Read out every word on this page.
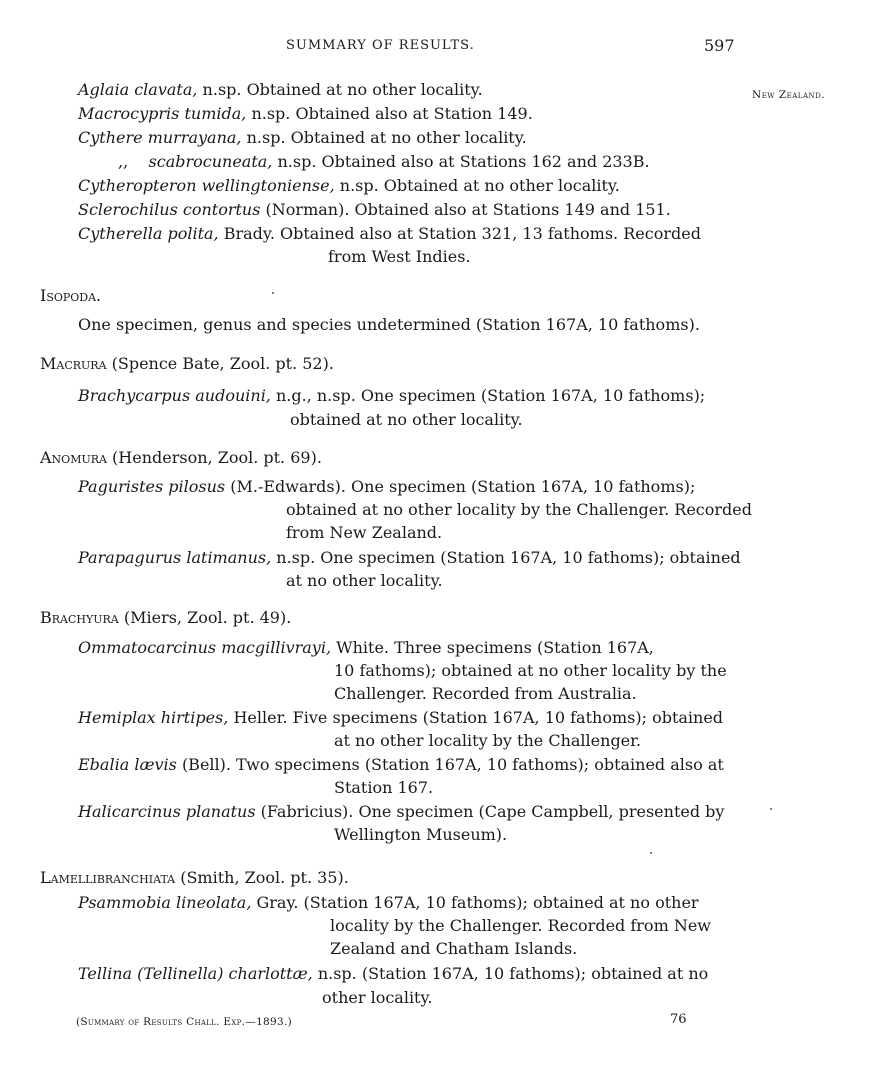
SUMMARY OF RESULTS.	597
New Zealand.
Aglaia clavata, n.sp. Obtained at no other locality.
Macrocypris tumida, n.sp. Obtained also at Station 149.
Cythere murrayana, n.sp. Obtained at no other locality.
,, scabrocuneata, n.sp. Obtained also at Stations 162 and 233B.
Cytheropteron wellingtoniense, n.sp. Obtained at no other locality.
Sclerochilus contortus (Norman). Obtained also at Stations 149 and 151.
Cytherella polita, Brady. Obtained also at Station 321, 13 fathoms. Recorded
from West Indies.
Isopoda.
One specimen, genus and species undetermined (Station 167A, 10 fathoms).
Macrura (Spence Bate, Zool. pt. 52).
Brachycarpus audouini, n.g., n.sp. One specimen (Station 167A, 10 fathoms);
obtained at no other locality.
Anomura (Henderson, Zool. pt. 69).
Paguristes pilosus (M.-Edwards). One specimen (Station 167A, 10 fathoms);
obtained at no other locality by the Challenger. Recorded
from New Zealand.
Parapagurus latimanus, n.sp. One specimen (Station 167A, 10 fathoms); obtained
at no other locality.
Brachyura (Miers, Zool. pt. 49).
Ommatocarcinus macgillivrayi, White. Three specimens (Station 167A,
10 fathoms); obtained at no other locality by the
Challenger. Recorded from Australia.
Hemiplax hirtipes, Heller. Five specimens (Station 167A, 10 fathoms); obtained
at no other locality by the Challenger.
Ebalia lævis (Bell). Two specimens (Station 167A, 10 fathoms); obtained also at
Station 167.
Halicarcinus planatus (Fabricius). One specimen (Cape Campbell, presented by
Wellington Museum).
Lamellibranchiata (Smith, Zool. pt. 35).
Psammobia lineolata, Gray. (Station 167A, 10 fathoms); obtained at no other
locality by the Challenger. Recorded from New
Zealand and Chatham Islands.
Tellina (Tellinella) charlottæ, n.sp. (Station 167A, 10 fathoms); obtained at no
other locality.
(Summary of Results Chall. Exp.—1893.)	76
